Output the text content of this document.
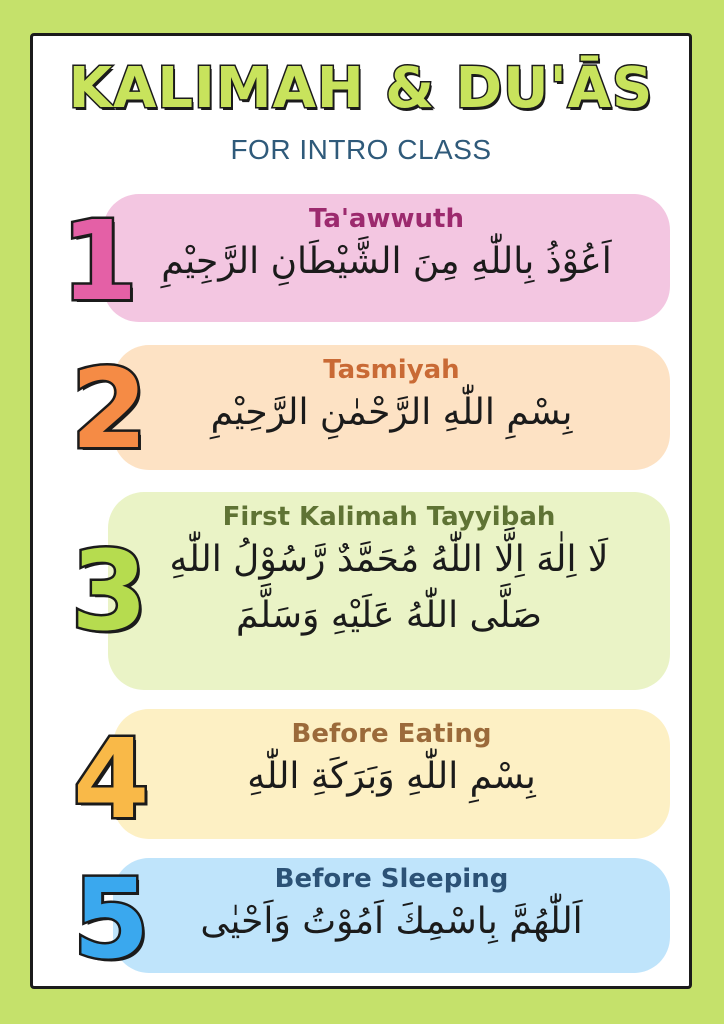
KALIMAH & DU'ĀS
FOR INTRO CLASS
Ta'awwuth
اَعُوْذُ بِاللّٰهِ مِنَ الشَّيْطَانِ الرَّجِيْمِ
1
Tasmiyah
بِسْمِ اللّٰهِ الرَّحْمٰنِ الرَّحِيْمِ
2
First Kalimah Tayyibah
لَا اِلٰهَ اِلَّا اللّٰهُ مُحَمَّدٌ رَّسُوْلُ اللّٰهِ
صَلَّى اللّٰهُ عَلَيْهِ وَسَلَّمَ
3
Before Eating
بِسْمِ اللّٰهِ وَبَرَكَةِ اللّٰهِ
4
Before Sleeping
اَللّٰهُمَّ بِاسْمِكَ اَمُوْتُ وَاَحْيٰى
5
